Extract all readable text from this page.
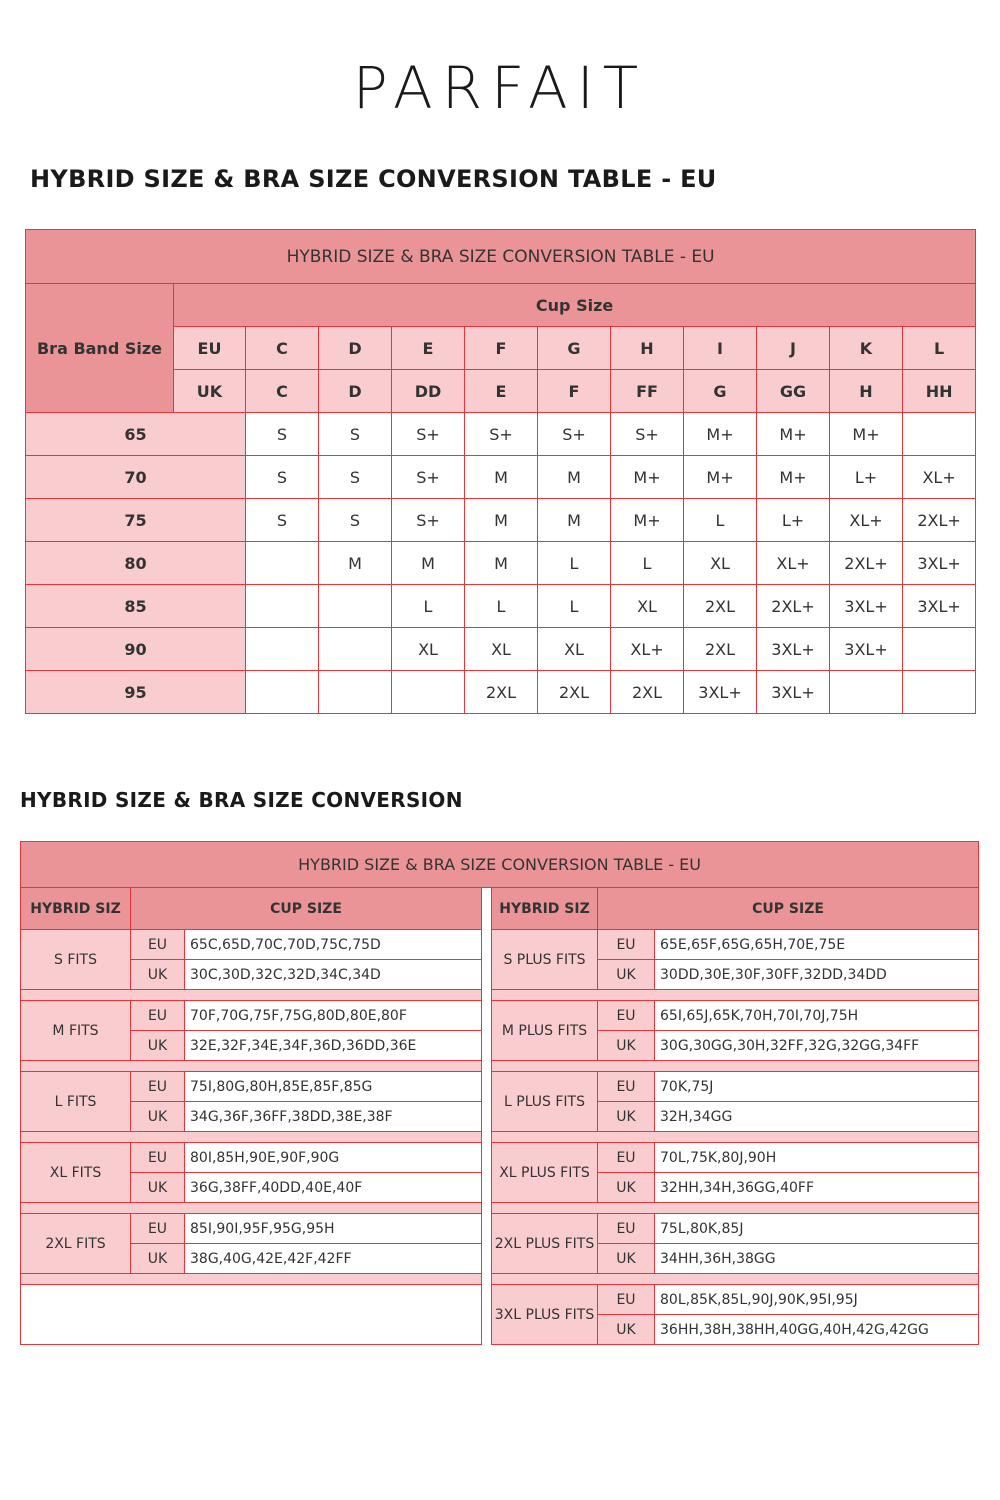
PARFAIT
HYBRID SIZE & BRA SIZE CONVERSION TABLE - EU
HYBRID SIZE & BRA SIZE CONVERSION
HYBRID SIZE & BRA SIZE CONVERSION TABLE - EU											
Bra Band Size	Cup Size										
	EU	C	D	E	F	G	H	I	J	K	L
	UK	C	D	DD	E	F	FF	G	GG	H	HH
65		S	S	S+	S+	S+	S+	M+	M+	M+	
70		S	S	S+	M	M	M+	M+	M+	L+	XL+
75		S	S	S+	M	M	M+	L	L+	XL+	2XL+
80			M	M	M	L	L	XL	XL+	2XL+	3XL+
85				L	L	L	XL	2XL	2XL+	3XL+	3XL+
90				XL	XL	XL	XL+	2XL	3XL+	3XL+	
95					2XL	2XL	2XL	3XL+	3XL+		
HYBRID SIZE & BRA SIZE CONVERSION TABLE - EU						
HYBRID SIZ	CUP SIZE			HYBRID SIZ	CUP SIZE	
S FITS	EU	65C,65D,70C,70D,75C,75D		S PLUS FITS	EU	65E,65F,65G,65H,70E,75E
	UK	30C,30D,32C,32D,34C,34D			UK	30DD,30E,30F,30FF,32DD,34DD

M FITS	EU	70F,70G,75F,75G,80D,80E,80F		M PLUS FITS	EU	65I,65J,65K,70H,70I,70J,75H
	UK	32E,32F,34E,34F,36D,36DD,36E			UK	30G,30GG,30H,32FF,32G,32GG,34FF

L FITS	EU	75I,80G,80H,85E,85F,85G		L PLUS FITS	EU	70K,75J
	UK	34G,36F,36FF,38DD,38E,38F			UK	32H,34GG

XL FITS	EU	80I,85H,90E,90F,90G		XL PLUS FITS	EU	70L,75K,80J,90H
	UK	36G,38FF,40DD,40E,40F			UK	32HH,34H,36GG,40FF

2XL FITS	EU	85I,90I,95F,95G,95H		2XL PLUS FITS	EU	75L,80K,85J
	UK	38G,40G,42E,42F,42FF			UK	34HH,36H,38GG

				3XL PLUS FITS	EU	80L,85K,85L,90J,90K,95I,95J
					UK	36HH,38H,38HH,40GG,40H,42G,42GG
